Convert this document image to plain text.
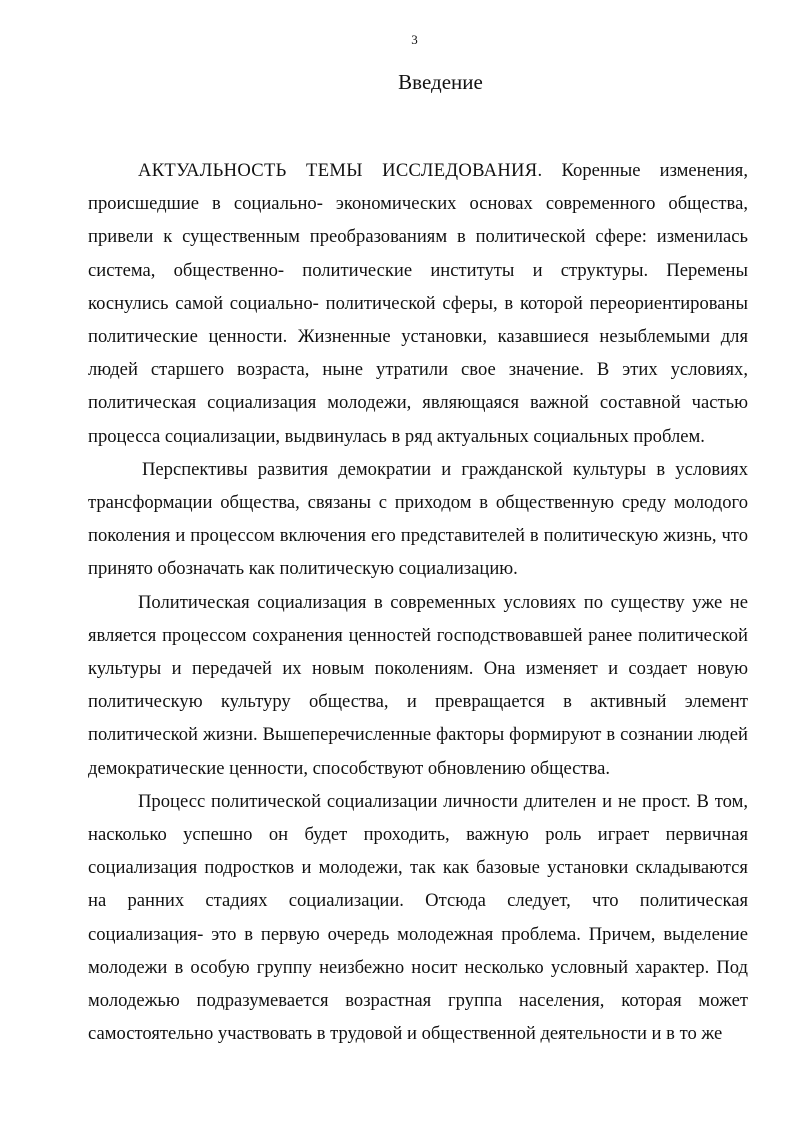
3
Введение

АКТУАЛЬНОСТЬ ТЕМЫ ИССЛЕДОВАНИЯ. Коренные изменения, происшедшие в социально- экономических основах современного общества, привели к существенным преобразованиям в политической сфере: изменилась система, общественно- политические институты и структуры. Перемены коснулись самой социально- политической сферы, в которой переориентированы политические ценности. Жизненные установки, казавшиеся незыблемыми для людей старшего возраста, ныне утратили свое значение. В этих условиях, политическая социализация молодежи, являющаяся важной составной частью процесса социализации, выдвинулась в ряд актуальных социальных проблем.

Перспективы развития демократии и гражданской культуры в условиях трансформации общества, связаны с приходом в общественную среду молодого поколения и процессом включения его представителей в политическую жизнь, что принято обозначать как политическую социализацию.

Политическая социализация в современных условиях по существу уже не является процессом сохранения ценностей господствовавшей ранее политической культуры и передачей их новым поколениям. Она изменяет и создает новую политическую культуру общества, и превращается в активный элемент политической жизни. Вышеперечисленные факторы формируют в сознании людей демократические ценности, способствуют обновлению общества.

Процесс политической социализации личности длителен и не прост. В том, насколько успешно он будет проходить, важную роль играет первичная социализация подростков и молодежи, так как базовые установки складываются на ранних стадиях социализации. Отсюда следует, что политическая социализация- это в первую очередь молодежная проблема. Причем, выделение молодежи в особую группу неизбежно носит несколько условный характер. Под молодежью подразумевается возрастная группа населения, которая может самостоятельно участвовать в трудовой и общественной деятельности и в то же
